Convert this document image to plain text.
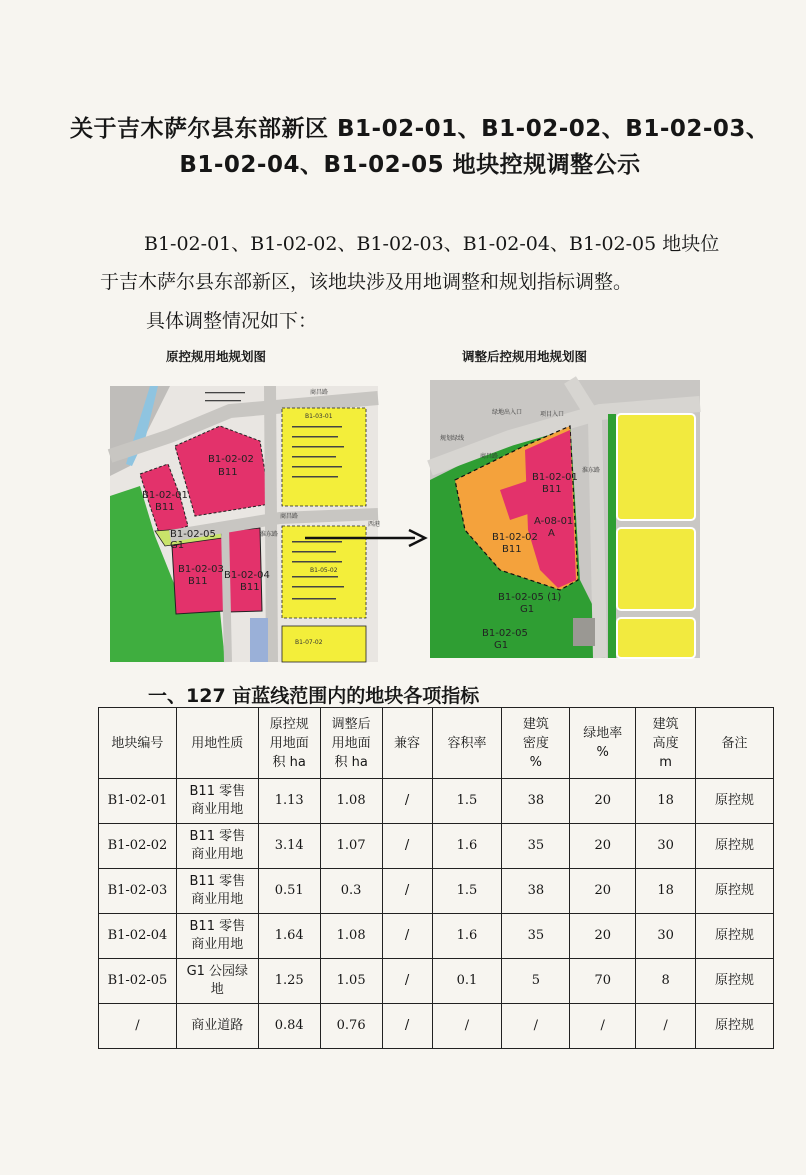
关于吉木萨尔县东部新区 B1-02-01、B1-02-02、B1-02-03、
B1-02-04、B1-02-05 地块控规调整公示
B1-02-01、B1-02-02、B1-02-03、B1-02-04、B1-02-05 地块位
于吉木萨尔县东部新区，该地块涉及用地调整和规划指标调整。
具体调整情况如下：
原控规用地规划图	调整后控规用地规划图
商昌路
商昌路
淮东路
西港
B1-02-01
B11
B1-02-02
B11
B1-02-03
B11
B1-02-04
B11
B1-02-05
G1
B1-03-01
B1-05-02
B1-07-02
项目入口
绿地出入口
规划绿线
商昌路
淮东路
B1-02-01
B11
A-08-01
A
B1-02-02
B11
B1-02-05 (1)
G1
B1-02-05
G1
一、127 亩蓝线范围内的地块各项指标
地块编号	用地性质	原控规
用地面
积 ha	调整后
用地面
积 ha	兼容	容积率	建筑
密度
%	绿地率
%	建筑
高度
m	备注
B1-02-01	B11 零售
商业用地	1.13	1.08	/	1.5	38	20	18	原控规
B1-02-02	B11 零售
商业用地	3.14	1.07	/	1.6	35	20	30	原控规
B1-02-03	B11 零售
商业用地	0.51	0.3	/	1.5	38	20	18	原控规
B1-02-04	B11 零售
商业用地	1.64	1.08	/	1.6	35	20	30	原控规
B1-02-05	G1 公园绿
地	1.25	1.05	/	0.1	5	70	8	原控规
/	商业道路	0.84	0.76	/	/	/	/	/	原控规
